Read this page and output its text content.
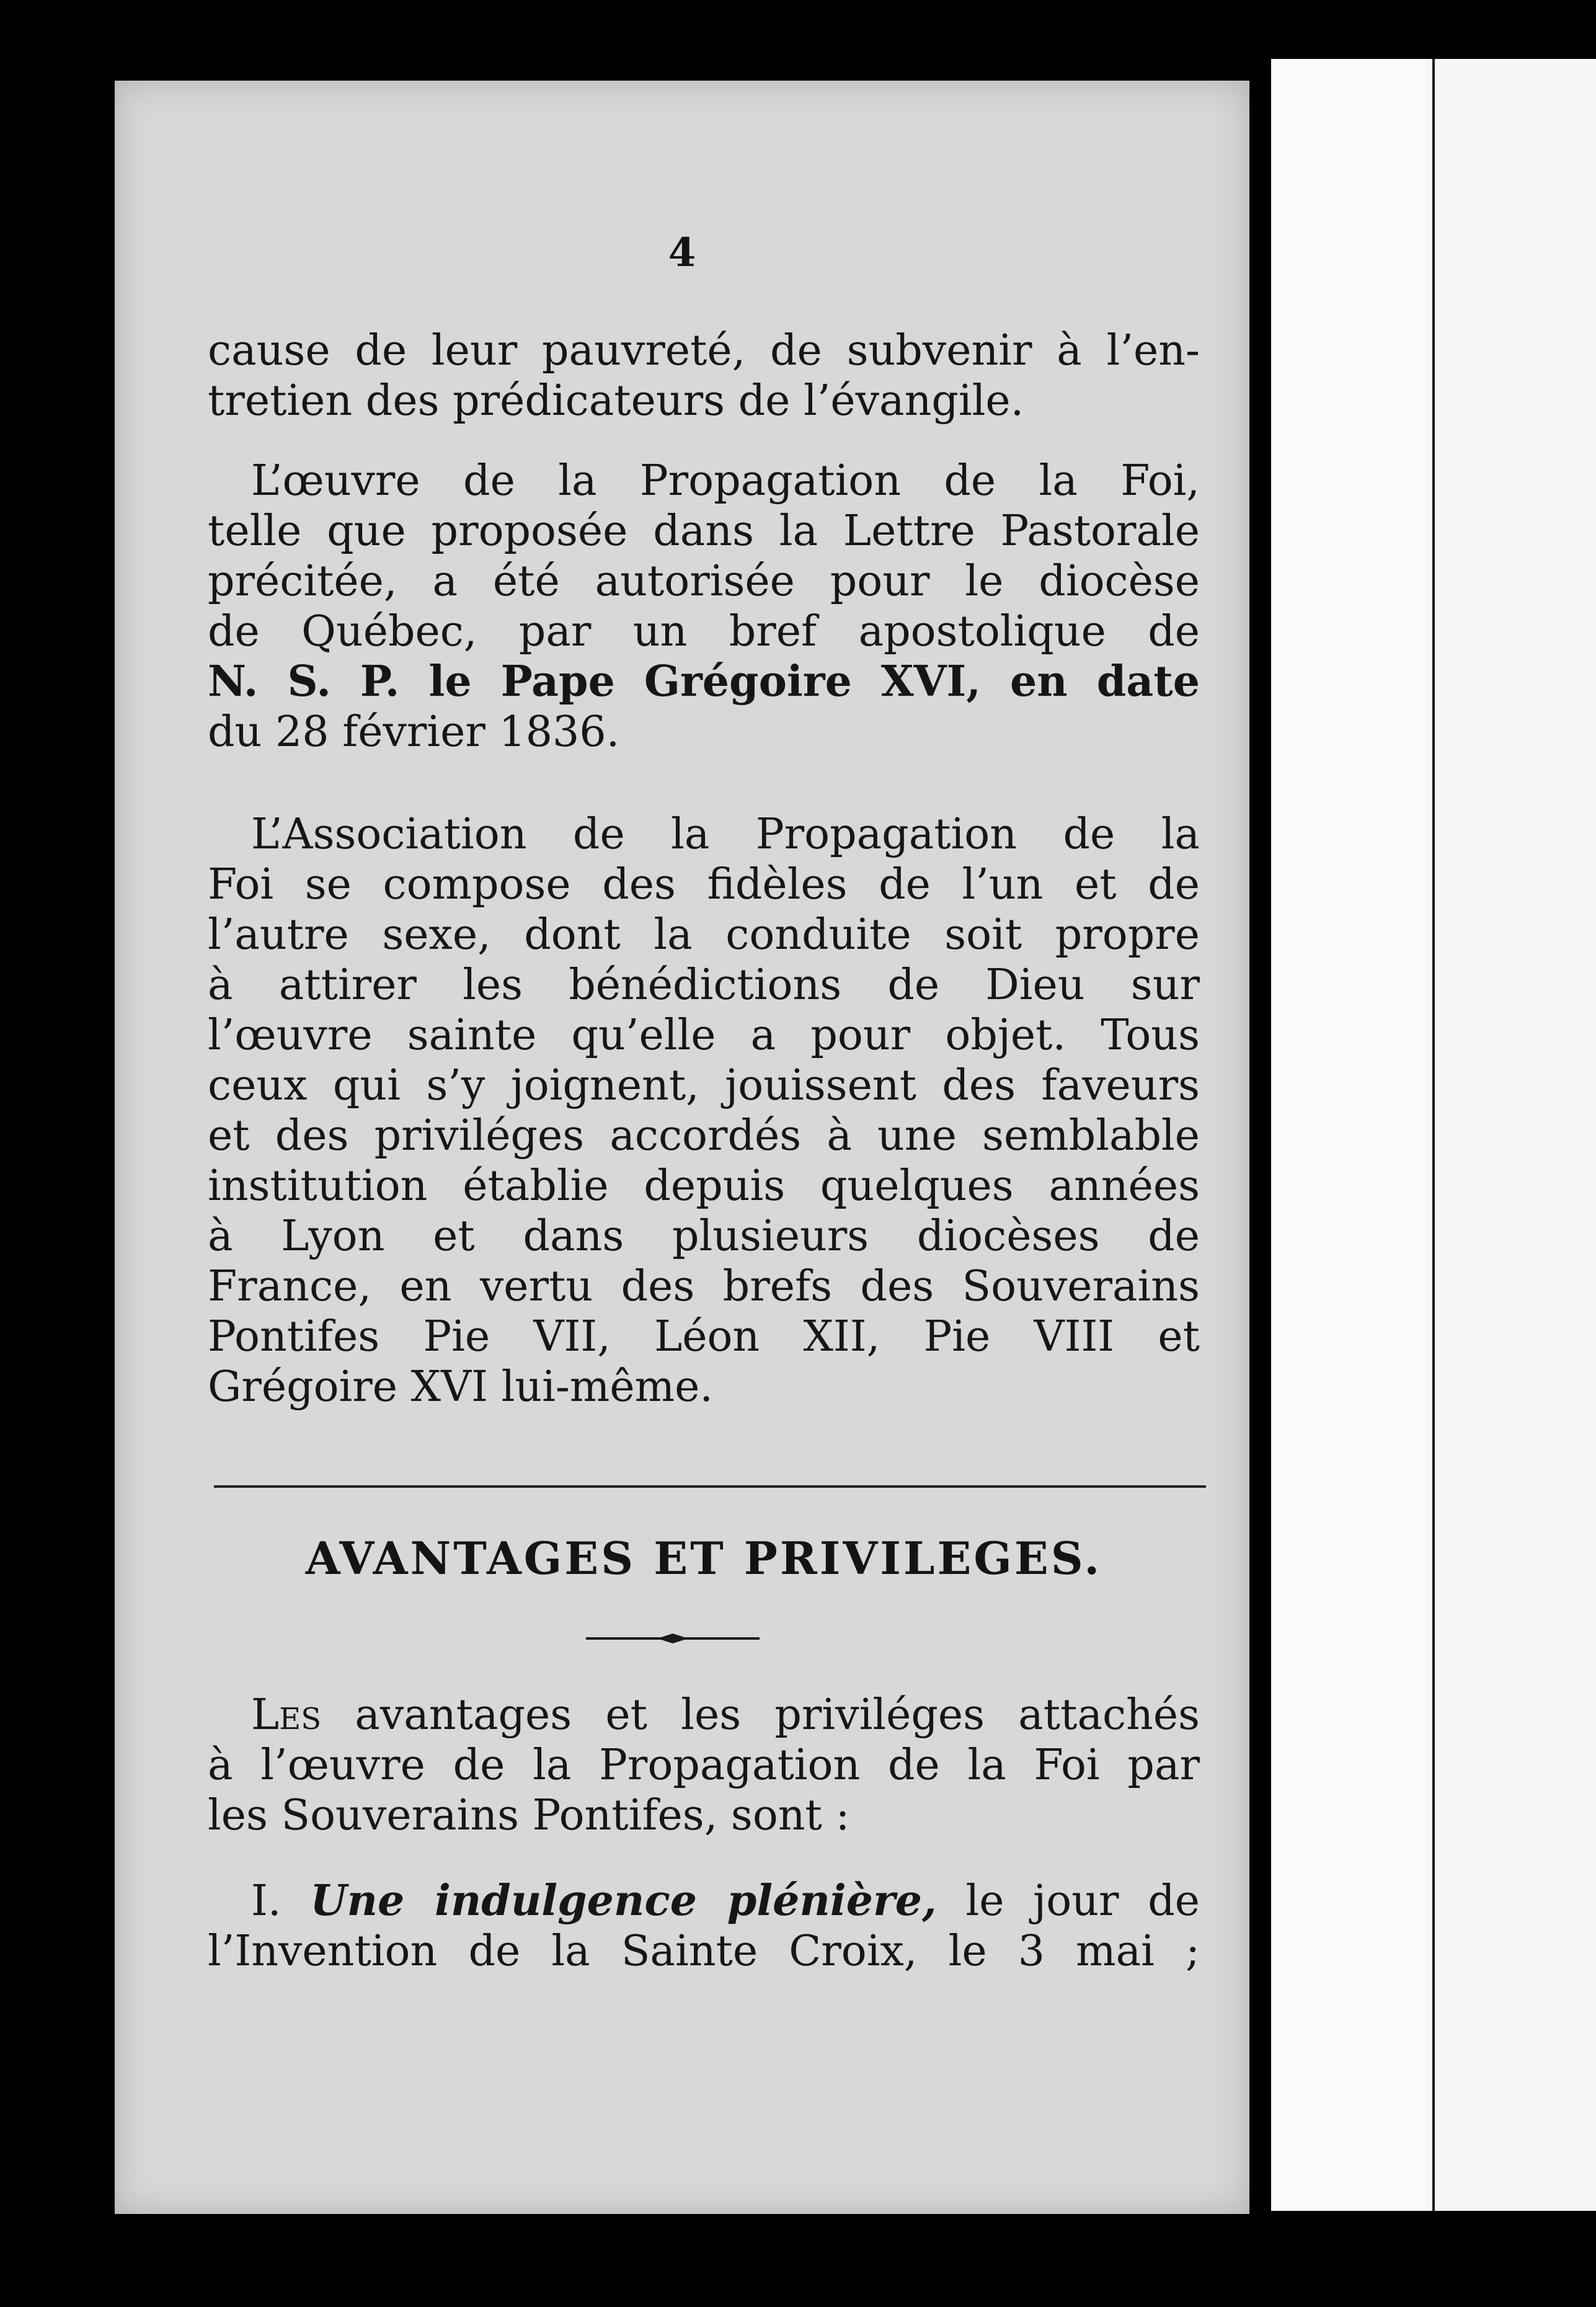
4

cause de leur pauvreté, de subvenir à l’en-
tretien des prédicateurs de l’évangile.

L’œuvre de la Propagation de la Foi,
telle que proposée dans la Lettre Pastorale
précitée, a été autorisée pour le diocèse
de Québec, par un bref apostolique de
N. S. P. le Pape Grégoire XVI, en date
du 28 février 1836.

L’Association de la Propagation de la
Foi se compose des fidèles de l’un et de
l’autre sexe, dont la conduite soit propre
à attirer les bénédictions de Dieu sur
l’œuvre sainte qu’elle a pour objet. Tous
ceux qui s’y joignent, jouissent des faveurs
et des priviléges accordés à une semblable
institution établie depuis quelques années
à Lyon et dans plusieurs diocèses de
France, en vertu des brefs des Souverains
Pontifes Pie VII, Léon XII, Pie VIII et
Grégoire XVI lui-même.

AVANTAGES ET PRIVILEGES.

Les avantages et les priviléges attachés
à l’œuvre de la Propagation de la Foi par
les Souverains Pontifes, sont :

I. Une indulgence plénière, le jour de
l’Invention de la Sainte Croix, le 3 mai ;
